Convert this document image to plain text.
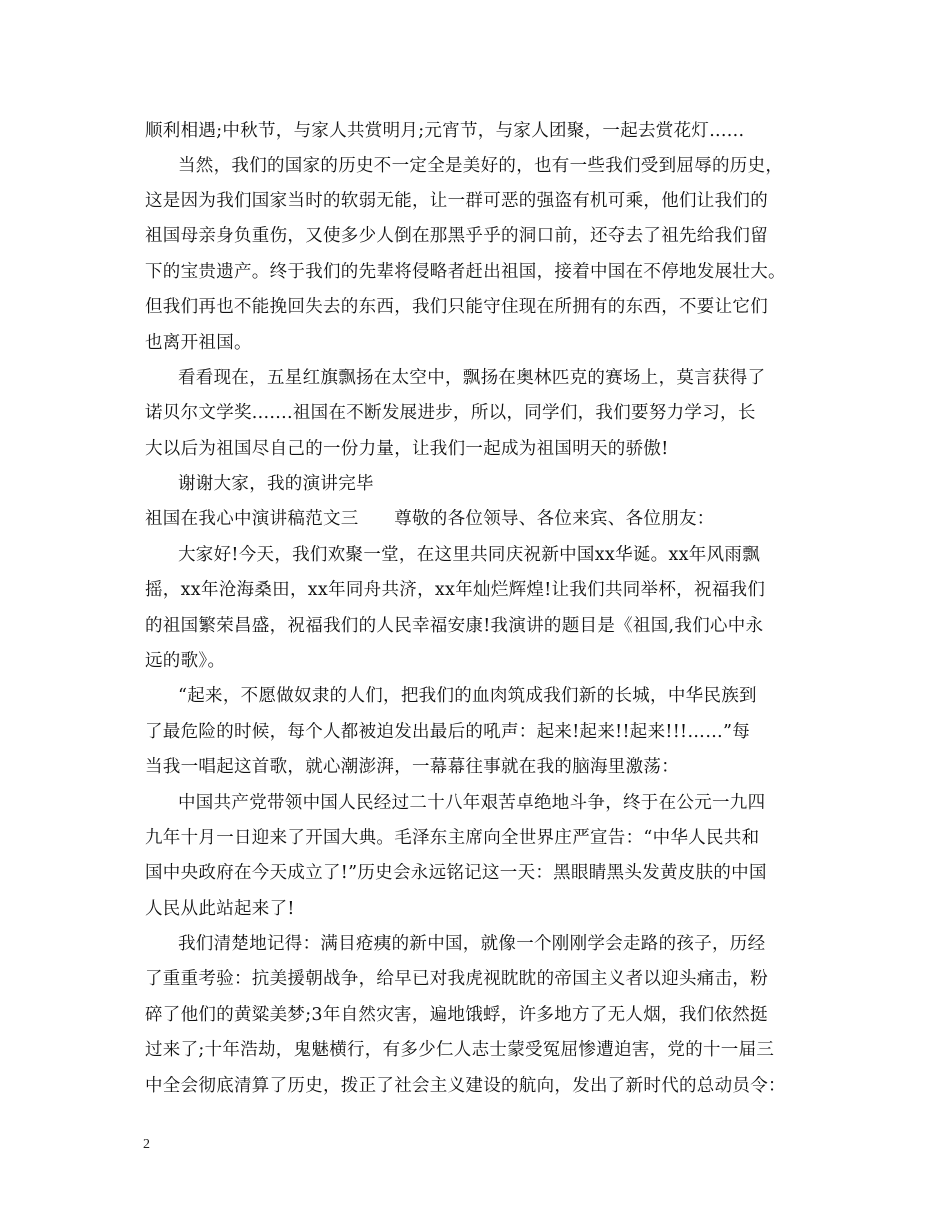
顺利相遇;中秋节，与家人共赏明月;元宵节，与家人团聚，一起去赏花灯......
当然，我们的国家的历史不一定全是美好的，也有一些我们受到屈辱的历史，
这是因为我们国家当时的软弱无能，让一群可恶的强盗有机可乘，他们让我们的
祖国母亲身负重伤，又使多少人倒在那黑乎乎的洞口前，还夺去了祖先给我们留
下的宝贵遗产。终于我们的先辈将侵略者赶出祖国，接着中国在不停地发展壮大。
但我们再也不能挽回失去的东西，我们只能守住现在所拥有的东西，不要让它们
也离开祖国。
看看现在，五星红旗飘扬在太空中，飘扬在奥林匹克的赛场上，莫言获得了
诺贝尔文学奖.......祖国在不断发展进步，所以，同学们，我们要努力学习，长
大以后为祖国尽自己的一份力量，让我们一起成为祖国明天的骄傲!
谢谢大家，我的演讲完毕
祖国在我心中演讲稿范文三　　尊敬的各位领导、各位来宾、各位朋友：
大家好!今天，我们欢聚一堂，在这里共同庆祝新中国xx华诞。xx年风雨飘
摇，xx年沧海桑田，xx年同舟共济，xx年灿烂辉煌!让我们共同举杯，祝福我们
的祖国繁荣昌盛，祝福我们的人民幸福安康!我演讲的题目是《祖国,我们心中永
远的歌》。
“起来，不愿做奴隶的人们，把我们的血肉筑成我们新的长城，中华民族到
了最危险的时候，每个人都被迫发出最后的吼声：起来!起来!!起来!!!……”每
当我一唱起这首歌，就心潮澎湃，一幕幕往事就在我的脑海里激荡：
中国共产党带领中国人民经过二十八年艰苦卓绝地斗争，终于在公元一九四
九年十月一日迎来了开国大典。毛泽东主席向全世界庄严宣告：“中华人民共和
国中央政府在今天成立了!”历史会永远铭记这一天：黑眼睛黑头发黄皮肤的中国
人民从此站起来了!
我们清楚地记得：满目疮痍的新中国，就像一个刚刚学会走路的孩子，历经
了重重考验：抗美援朝战争，给早已对我虎视眈眈的帝国主义者以迎头痛击，粉
碎了他们的黄粱美梦;3年自然灾害，遍地饿蜉，许多地方了无人烟，我们依然挺
过来了;十年浩劫，鬼魅横行，有多少仁人志士蒙受冤屈惨遭迫害，党的十一届三
中全会彻底清算了历史，拨正了社会主义建设的航向，发出了新时代的总动员令：
2
